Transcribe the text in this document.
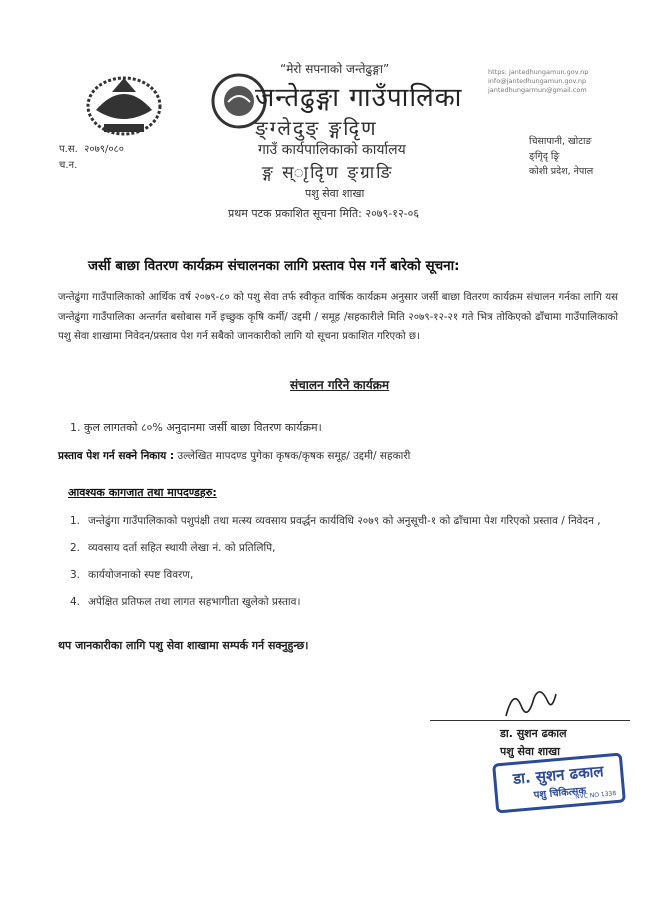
“मेरो सपनाको जन्तेढुङ्गा”
जन्तेढुङ्गा गाउँपालिका
ङ्ग्लेदुङ् ङ्गदृिण
गाउँ कार्यपालिकाको कार्यालय
ङ्ग स्ाृदृिण ङ्ग्राङि
पशु सेवा शाखा
https: jantedhungamun.gov.np
info@jantedhungamun.gov.np
jantedhungarmun@gmail.com
चिसापानी, खोटाङ
ङ्गिृदृ ङृि
कोशी प्रदेश, नेपाल
प.स. २०७९/०८०
च.न.
प्रथम पटक प्रकाशित सूचना मिति: २०७९-१२-०६
जर्सी बाछा वितरण कार्यक्रम संचालनका लागि प्रस्ताव पेस गर्ने बारेको सूचना:
जन्तेढुंगा गाउँपालिकाको आर्थिक वर्ष २०७९-८० को पशु सेवा तर्फ स्वीकृत वार्षिक कार्यक्रम अनुसार जर्सी बाछा वितरण कार्यक्रम संचालन गर्नका लागि यस जन्तेढुंगा गाउँपालिका अन्तर्गत बसोबास गर्ने इच्छुक कृषि कर्मी/ उद्दमी / समूह /सहकारीले मिति २०७९-१२-२१ गते भित्र तोकिएको ढाँचामा गाउँपालिकाको पशु सेवा शाखामा निवेदन/प्रस्ताव पेश गर्न सबैको जानकारीको लागि यो सूचना प्रकाशित गरिएको छ।
संचालन गरिने कार्यक्रम
1. कुल लागतको ८०% अनुदानमा जर्सी बाछा वितरण कार्यक्रम।
प्रस्ताव पेश गर्न सक्ने निकाय : उल्लेखित मापदण्ड पुगेका कृषक/कृषक समूह/ उद्दमी/ सहकारी
आवश्यक कागजात तथा मापदण्डहरु:
1. जन्तेढुंगा गाउँपालिकाको पशुपंक्षी तथा मत्स्य व्यवसाय प्रवर्द्धन कार्यविधि २०७९ को अनुसूची-१ को ढाँचामा पेश गरिएको प्रस्ताव / निवेदन ,
2. व्यवसाय दर्ता सहित स्थायी लेखा नं. को प्रतिलिपि,
3. कार्ययोजनाको स्पष्ट विवरण,
4. अपेक्षित प्रतिफल तथा लागत सहभागीता खुलेको प्रस्ताव।
थप जानकारीका लागि पशु सेवा शाखामा सम्पर्क गर्न सक्नुहुन्छ।
डा. सुशन ढकाल
पशु सेवा शाखा
डा. सुशन ढकाल
पशु चिकित्सक
NVC NO 1338
